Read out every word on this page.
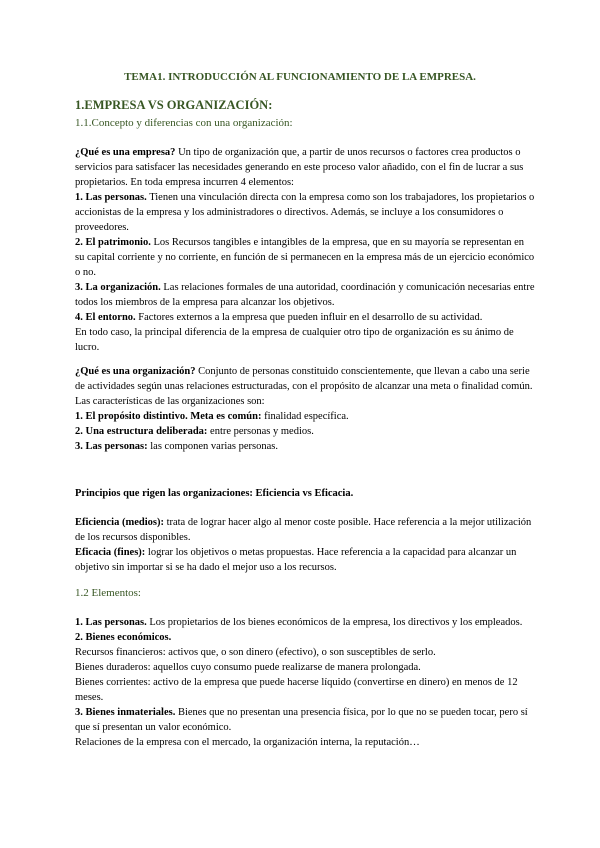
TEMA1. INTRODUCCIÓN AL FUNCIONAMIENTO DE LA EMPRESA.
1.EMPRESA VS ORGANIZACIÓN:
1.1.Concepto y diferencias con una organización:

¿Qué es una empresa? Un tipo de organización que, a partir de unos recursos o factores crea productos o servicios para satisfacer las necesidades generando en este proceso valor añadido, con el fin de lucrar a sus propietarios. En toda empresa incurren 4 elementos:

1. Las personas. Tienen una vinculación directa con la empresa como son los trabajadores, los propietarios o accionistas de la empresa y los administradores o directivos. Además, se incluye a los consumidores o proveedores.

2. El patrimonio. Los Recursos tangibles e intangibles de la empresa, que en su mayoría se representan en su capital corriente y no corriente, en función de si permanecen en la empresa más de un ejercicio económico o no.

3. La organización. Las relaciones formales de una autoridad, coordinación y comunicación necesarias entre todos los miembros de la empresa para alcanzar los objetivos.

4. El entorno. Factores externos a la empresa que pueden influir en el desarrollo de su actividad.

En todo caso, la principal diferencia de la empresa de cualquier otro tipo de organización es su ánimo de lucro.

¿Qué es una organización? Conjunto de personas constituido conscientemente, que llevan a cabo una serie de actividades según unas relaciones estructuradas, con el propósito de alcanzar una meta o finalidad común.

Las características de las organizaciones son:

1. El propósito distintivo. Meta es común: finalidad específica.

2. Una estructura deliberada: entre personas y medios.

3. Las personas: las componen varias personas.

Principios que rigen las organizaciones: Eficiencia vs Eficacia.

Eficiencia (medios): trata de lograr hacer algo al menor coste posible. Hace referencia a la mejor utilización de los recursos disponibles.

Eficacia (fines): lograr los objetivos o metas propuestas. Hace referencia a la capacidad para alcanzar un objetivo sin importar si se ha dado el mejor uso a los recursos.

1.2 Elementos:

1. Las personas. Los propietarios de los bienes económicos de la empresa, los directivos y los empleados.

2. Bienes económicos.

Recursos financieros: activos que, o son dinero (efectivo), o son susceptibles de serlo.

Bienes duraderos: aquellos cuyo consumo puede realizarse de manera prolongada.

Bienes corrientes: activo de la empresa que puede hacerse líquido (convertirse en dinero) en menos de 12 meses.

3. Bienes inmateriales. Bienes que no presentan una presencia física, por lo que no se pueden tocar, pero sí que sí presentan un valor económico.

Relaciones de la empresa con el mercado, la organización interna, la reputación…
